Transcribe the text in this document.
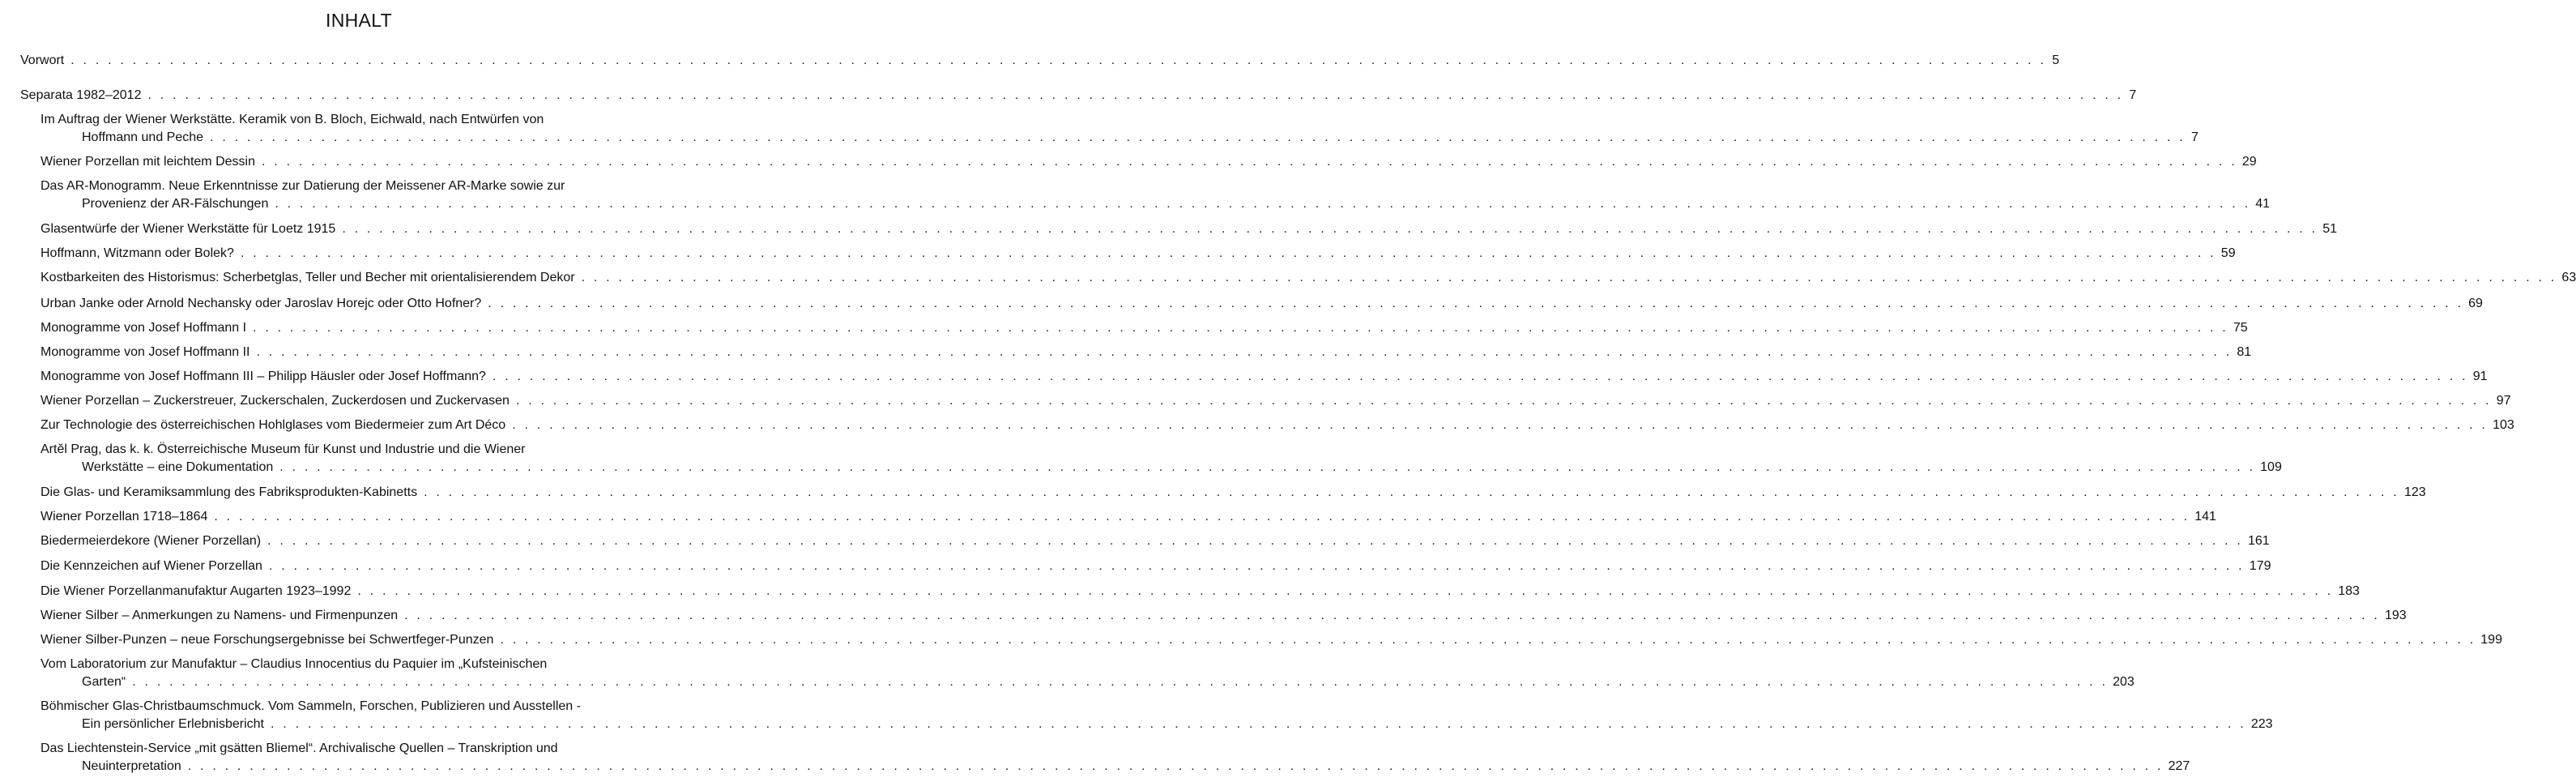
INHALT
Vorwort . . . . . . . . . . . . . . . . . . . . . . . . . . . . . . . . . . . . . . . . . . . . . . . . . . . . . . . . . . . . . . . . . . . . . . . . . . . . . . . . . . . . . . . . . . . . . . . . . . . . . . . . . . . . . . . . . . . . . . . . . . . . . . . . . . . . . . . . . . . . . . . . . . . . . . . . . . . . . . . . 5
Separata 1982–2012 . . . . . . . . . . . . . . . . . . . . . . . . . . . . . . . . . . . . . . . . . . . . . . . . . . . . . . . . . . . . . . . . . . . . . . . . . . . . . . . . . . . . . . . . . . . . . . . . . . . . . . . . . . . . . . . . . . . . . . . . . . . . . . . . . . . . . . . . . . . . . . . . . . . . . . . . . . . . . . . . 7
Im Auftrag der Wiener Werkstätte. Keramik von B. Bloch, Eichwald, nach Entwürfen von
Hoffmann und Peche . . . . . . . . . . . . . . . . . . . . . . . . . . . . . . . . . . . . . . . . . . . . . . . . . . . . . . . . . . . . . . . . . . . . . . . . . . . . . . . . . . . . . . . . . . . . . . . . . . . . . . . . . . . . . . . . . . . . . . . . . . . . . . . . . . . . . . . . . . . . . . . . . . . . . . . . . . . . . . . . 7
Wiener Porzellan mit leichtem Dessin . . . . . . . . . . . . . . . . . . . . . . . . . . . . . . . . . . . . . . . . . . . . . . . . . . . . . . . . . . . . . . . . . . . . . . . . . . . . . . . . . . . . . . . . . . . . . . . . . . . . . . . . . . . . . . . . . . . . . . . . . . . . . . . . . . . . . . . . . . . . . . . . . . . . . . . . . . . . . . . . 29
Das AR-Monogramm. Neue Erkenntnisse zur Datierung der Meissener AR-Marke sowie zur
Provenienz der AR-Fälschungen . . . . . . . . . . . . . . . . . . . . . . . . . . . . . . . . . . . . . . . . . . . . . . . . . . . . . . . . . . . . . . . . . . . . . . . . . . . . . . . . . . . . . . . . . . . . . . . . . . . . . . . . . . . . . . . . . . . . . . . . . . . . . . . . . . . . . . . . . . . . . . . . . . . . . . . . . . . . . . . . 41
Glasentwürfe der Wiener Werkstätte für Loetz 1915 . . . . . . . . . . . . . . . . . . . . . . . . . . . . . . . . . . . . . . . . . . . . . . . . . . . . . . . . . . . . . . . . . . . . . . . . . . . . . . . . . . . . . . . . . . . . . . . . . . . . . . . . . . . . . . . . . . . . . . . . . . . . . . . . . . . . . . . . . . . . . . . . . . . . . . . . . . . . . . . . 51
Hoffmann, Witzmann oder Bolek? . . . . . . . . . . . . . . . . . . . . . . . . . . . . . . . . . . . . . . . . . . . . . . . . . . . . . . . . . . . . . . . . . . . . . . . . . . . . . . . . . . . . . . . . . . . . . . . . . . . . . . . . . . . . . . . . . . . . . . . . . . . . . . . . . . . . . . . . . . . . . . . . . . . . . . . . . . . . . . . . 59
Kostbarkeiten des Historismus: Scherbetglas, Teller und Becher mit orientalisierendem Dekor . . . . . . . . . . . . . . . . . . . . . . . . . . . . . . . . . . . . . . . . . . . . . . . . . . . . . . . . . . . . . . . . . . . . . . . . . . . . . . . . . . . . . . . . . . . . . . . . . . . . . . . . . . . . . . . . . . . . . . . . . . . . . . . . . . . . . . . . . . . . . . . . . . . . . . . . . . . . . . . . 63
Urban Janke oder Arnold Nechansky oder Jaroslav Horejc oder Otto Hofner? . . . . . . . . . . . . . . . . . . . . . . . . . . . . . . . . . . . . . . . . . . . . . . . . . . . . . . . . . . . . . . . . . . . . . . . . . . . . . . . . . . . . . . . . . . . . . . . . . . . . . . . . . . . . . . . . . . . . . . . . . . . . . . . . . . . . . . . . . . . . . . . . . . . . . . . . . . . . . . . . 69
Monogramme von Josef Hoffmann I . . . . . . . . . . . . . . . . . . . . . . . . . . . . . . . . . . . . . . . . . . . . . . . . . . . . . . . . . . . . . . . . . . . . . . . . . . . . . . . . . . . . . . . . . . . . . . . . . . . . . . . . . . . . . . . . . . . . . . . . . . . . . . . . . . . . . . . . . . . . . . . . . . . . . . . . . . . . . . . . 75
Monogramme von Josef Hoffmann II . . . . . . . . . . . . . . . . . . . . . . . . . . . . . . . . . . . . . . . . . . . . . . . . . . . . . . . . . . . . . . . . . . . . . . . . . . . . . . . . . . . . . . . . . . . . . . . . . . . . . . . . . . . . . . . . . . . . . . . . . . . . . . . . . . . . . . . . . . . . . . . . . . . . . . . . . . . . . . . . 81
Monogramme von Josef Hoffmann III – Philipp Häusler oder Josef Hoffmann? . . . . . . . . . . . . . . . . . . . . . . . . . . . . . . . . . . . . . . . . . . . . . . . . . . . . . . . . . . . . . . . . . . . . . . . . . . . . . . . . . . . . . . . . . . . . . . . . . . . . . . . . . . . . . . . . . . . . . . . . . . . . . . . . . . . . . . . . . . . . . . . . . . . . . . . . . . . . . . . . 91
Wiener Porzellan – Zuckerstreuer, Zuckerschalen, Zuckerdosen und Zuckervasen . . . . . . . . . . . . . . . . . . . . . . . . . . . . . . . . . . . . . . . . . . . . . . . . . . . . . . . . . . . . . . . . . . . . . . . . . . . . . . . . . . . . . . . . . . . . . . . . . . . . . . . . . . . . . . . . . . . . . . . . . . . . . . . . . . . . . . . . . . . . . . . . . . . . . . . . . . . . . . . . 97
Zur Technologie des österreichischen Hohlglases vom Biedermeier zum Art Déco . . . . . . . . . . . . . . . . . . . . . . . . . . . . . . . . . . . . . . . . . . . . . . . . . . . . . . . . . . . . . . . . . . . . . . . . . . . . . . . . . . . . . . . . . . . . . . . . . . . . . . . . . . . . . . . . . . . . . . . . . . . . . . . . . . . . . . . . . . . . . . . . . . . . . . . . . . . . . . . . 103
Artěl Prag, das k. k. Österreichische Museum für Kunst und Industrie und die Wiener
Werkstätte – eine Dokumentation . . . . . . . . . . . . . . . . . . . . . . . . . . . . . . . . . . . . . . . . . . . . . . . . . . . . . . . . . . . . . . . . . . . . . . . . . . . . . . . . . . . . . . . . . . . . . . . . . . . . . . . . . . . . . . . . . . . . . . . . . . . . . . . . . . . . . . . . . . . . . . . . . . . . . . . . . . . . . . . . 109
Die Glas- und Keramiksammlung des Fabriksprodukten-Kabinetts . . . . . . . . . . . . . . . . . . . . . . . . . . . . . . . . . . . . . . . . . . . . . . . . . . . . . . . . . . . . . . . . . . . . . . . . . . . . . . . . . . . . . . . . . . . . . . . . . . . . . . . . . . . . . . . . . . . . . . . . . . . . . . . . . . . . . . . . . . . . . . . . . . . . . . . . . . . . . . . . 123
Wiener Porzellan 1718–1864 . . . . . . . . . . . . . . . . . . . . . . . . . . . . . . . . . . . . . . . . . . . . . . . . . . . . . . . . . . . . . . . . . . . . . . . . . . . . . . . . . . . . . . . . . . . . . . . . . . . . . . . . . . . . . . . . . . . . . . . . . . . . . . . . . . . . . . . . . . . . . . . . . . . . . . . . . . . . . . . . 141
Biedermeierdekore (Wiener Porzellan) . . . . . . . . . . . . . . . . . . . . . . . . . . . . . . . . . . . . . . . . . . . . . . . . . . . . . . . . . . . . . . . . . . . . . . . . . . . . . . . . . . . . . . . . . . . . . . . . . . . . . . . . . . . . . . . . . . . . . . . . . . . . . . . . . . . . . . . . . . . . . . . . . . . . . . . . . . . . . . . . 161
Die Kennzeichen auf Wiener Porzellan . . . . . . . . . . . . . . . . . . . . . . . . . . . . . . . . . . . . . . . . . . . . . . . . . . . . . . . . . . . . . . . . . . . . . . . . . . . . . . . . . . . . . . . . . . . . . . . . . . . . . . . . . . . . . . . . . . . . . . . . . . . . . . . . . . . . . . . . . . . . . . . . . . . . . . . . . . . . . . . . 179
Die Wiener Porzellanmanufaktur Augarten 1923–1992 . . . . . . . . . . . . . . . . . . . . . . . . . . . . . . . . . . . . . . . . . . . . . . . . . . . . . . . . . . . . . . . . . . . . . . . . . . . . . . . . . . . . . . . . . . . . . . . . . . . . . . . . . . . . . . . . . . . . . . . . . . . . . . . . . . . . . . . . . . . . . . . . . . . . . . . . . . . . . . . . 183
Wiener Silber – Anmerkungen zu Namens- und Firmenpunzen . . . . . . . . . . . . . . . . . . . . . . . . . . . . . . . . . . . . . . . . . . . . . . . . . . . . . . . . . . . . . . . . . . . . . . . . . . . . . . . . . . . . . . . . . . . . . . . . . . . . . . . . . . . . . . . . . . . . . . . . . . . . . . . . . . . . . . . . . . . . . . . . . . . . . . . . . . . . . . . . 193
Wiener Silber-Punzen – neue Forschungsergebnisse bei Schwertfeger-Punzen . . . . . . . . . . . . . . . . . . . . . . . . . . . . . . . . . . . . . . . . . . . . . . . . . . . . . . . . . . . . . . . . . . . . . . . . . . . . . . . . . . . . . . . . . . . . . . . . . . . . . . . . . . . . . . . . . . . . . . . . . . . . . . . . . . . . . . . . . . . . . . . . . . . . . . . . . . . . . . . . 199
Vom Laboratorium zur Manufaktur – Claudius Innocentius du Paquier im „Kufsteinischen
Garten“ . . . . . . . . . . . . . . . . . . . . . . . . . . . . . . . . . . . . . . . . . . . . . . . . . . . . . . . . . . . . . . . . . . . . . . . . . . . . . . . . . . . . . . . . . . . . . . . . . . . . . . . . . . . . . . . . . . . . . . . . . . . . . . . . . . . . . . . . . . . . . . . . . . . . . . . . . . . . . . . . 203
Böhmischer Glas-Christbaumschmuck. Vom Sammeln, Forschen, Publizieren und Ausstellen -
Ein persönlicher Erlebnisbericht . . . . . . . . . . . . . . . . . . . . . . . . . . . . . . . . . . . . . . . . . . . . . . . . . . . . . . . . . . . . . . . . . . . . . . . . . . . . . . . . . . . . . . . . . . . . . . . . . . . . . . . . . . . . . . . . . . . . . . . . . . . . . . . . . . . . . . . . . . . . . . . . . . . . . . . . . . . . . . . . 223
Das Liechtenstein-Service „mit gsätten Bliemel“. Archivalische Quellen – Transkription und
Neuinterpretation . . . . . . . . . . . . . . . . . . . . . . . . . . . . . . . . . . . . . . . . . . . . . . . . . . . . . . . . . . . . . . . . . . . . . . . . . . . . . . . . . . . . . . . . . . . . . . . . . . . . . . . . . . . . . . . . . . . . . . . . . . . . . . . . . . . . . . . . . . . . . . . . . . . . . . . . . . . . . . . . 227
